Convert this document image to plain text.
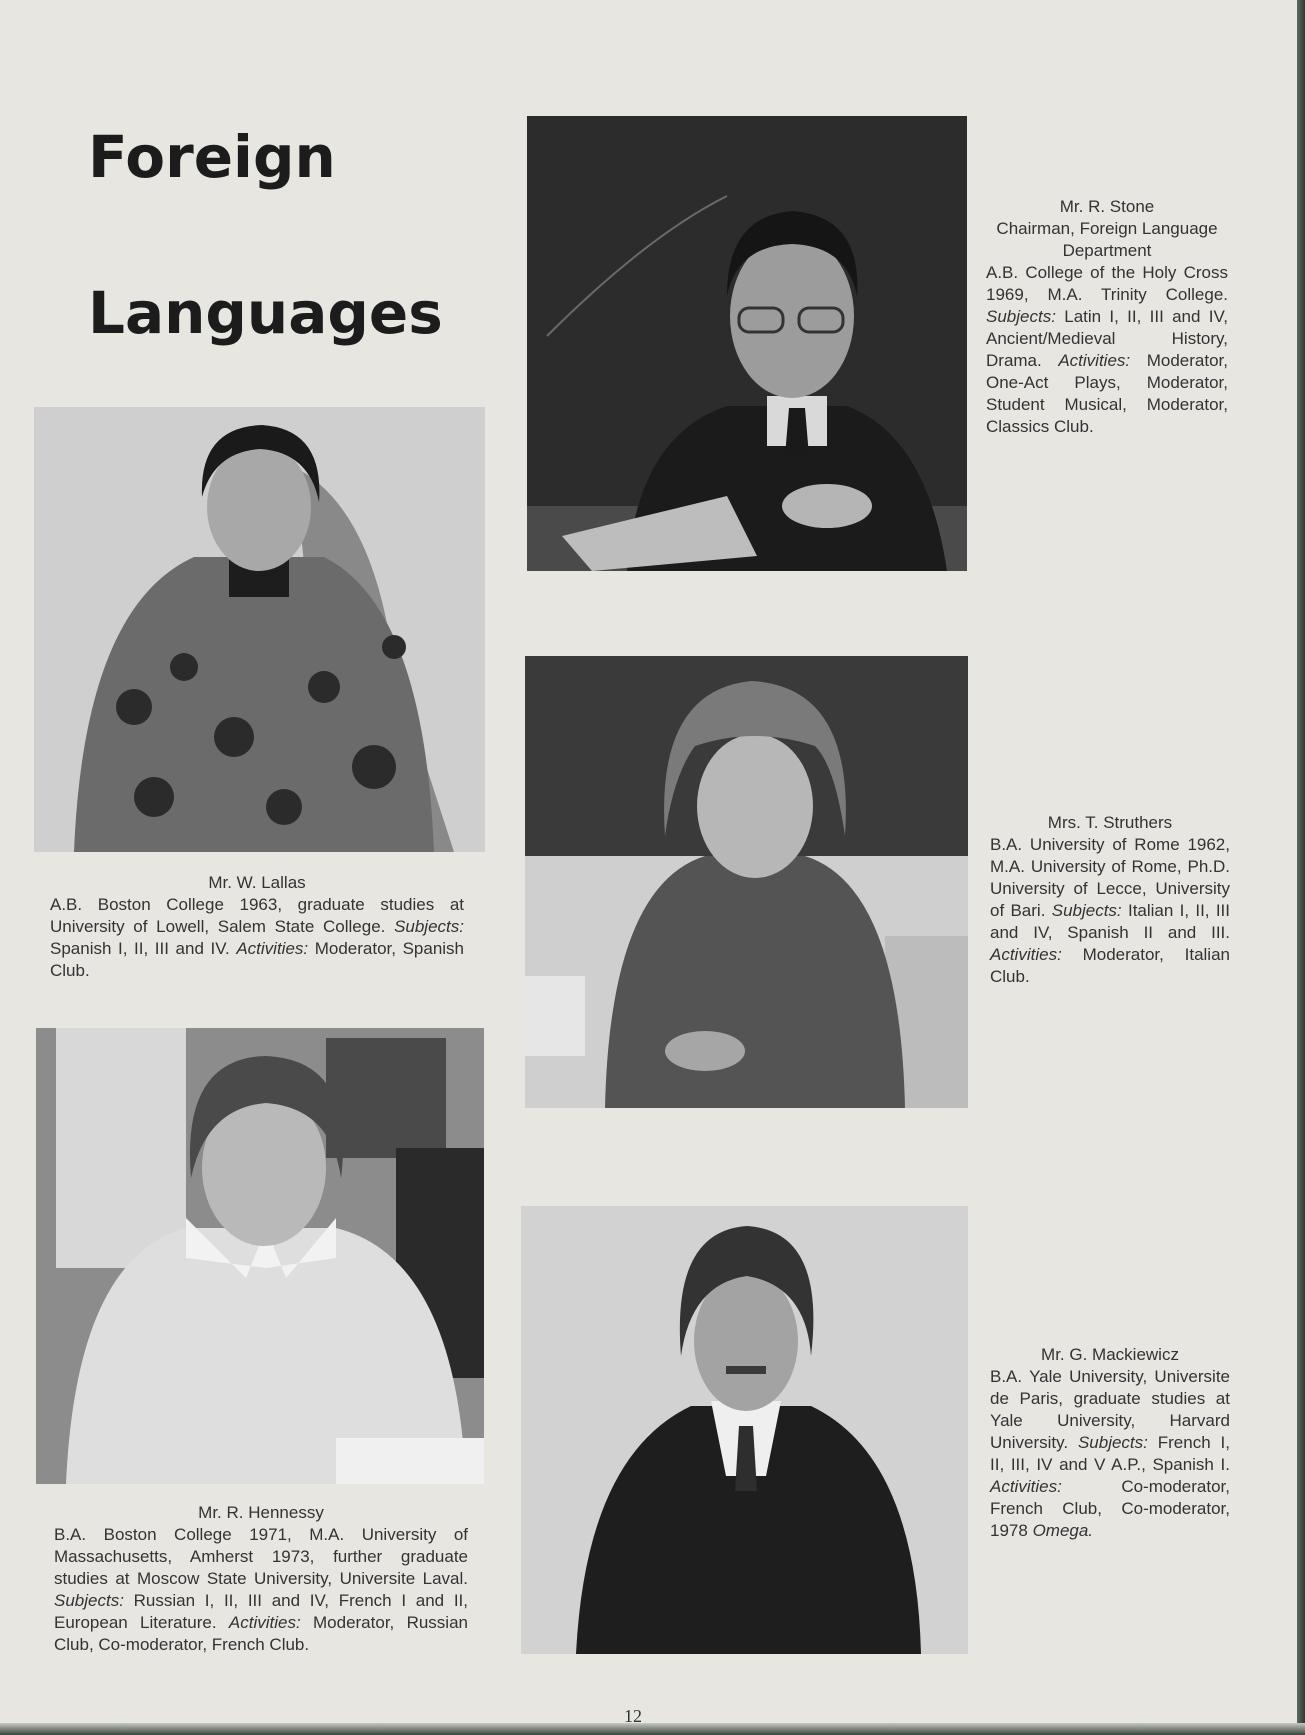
Foreign
Languages
Mr. R. Stone
Chairman, Foreign Language
Department
A.B. College of the Holy Cross 1969, M.A. Trinity College. Subjects: Latin I, II, III and IV, Ancient/Medieval History, Drama. Activities: Moderator, One-Act Plays, Moderator, Student Musical, Moderator, Classics Club.
Mr. W. Lallas
A.B. Boston College 1963, graduate studies at University of Lowell, Salem State College. Subjects: Spanish I, II, III and IV. Activities: Moderator, Spanish Club.
Mrs. T. Struthers
B.A. University of Rome 1962, M.A. University of Rome, Ph.D. University of Lecce, University of Bari. Subjects: Italian I, II, III and IV, Spanish II and III. Activities: Moderator, Italian Club.
Mr. R. Hennessy
B.A. Boston College 1971, M.A. University of Massachusetts, Amherst 1973, further graduate studies at Moscow State University, Universite Laval. Subjects: Russian I, II, III and IV, French I and II, European Literature. Activities: Moderator, Russian Club, Co-moderator, French Club.
Mr. G. Mackiewicz
B.A. Yale University, Universite de Paris, graduate studies at Yale University, Harvard University. Subjects: French I, II, III, IV and V A.P., Spanish I. Activities:	Co-moderator, French Club, Co-moderator, 1978 Omega.
12
